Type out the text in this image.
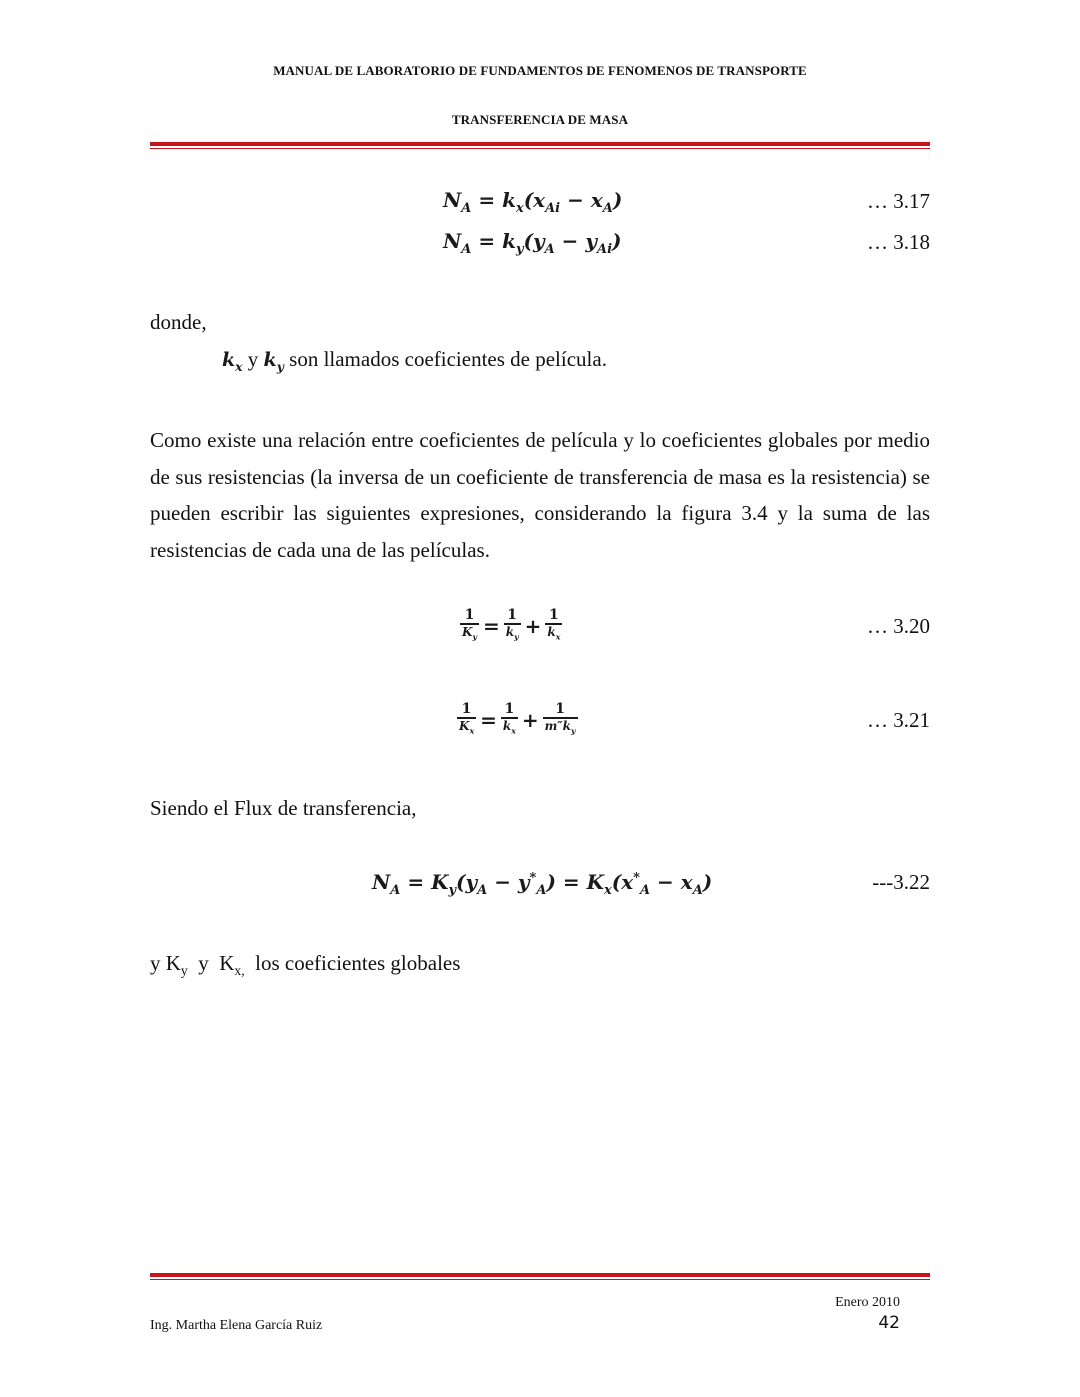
MANUAL DE LABORATORIO DE FUNDAMENTOS DE FENOMENOS DE TRANSPORTE
TRANSFERENCIA DE MASA
$N_A = k_x(x_{Ai} - x_A)$	… 3.17
$N_A = k_y(y_A - y_{Ai})$	… 3.18
donde,
$k_x$ y $k_y$ son llamados coeficientes de película.
Como existe una relación entre coeficientes de película y lo coeficientes globales por medio de sus resistencias (la inversa de un coeficiente de transferencia de masa es la resistencia) se pueden escribir las siguientes expresiones, considerando la figura 3.4 y la suma de las resistencias de cada una de las películas.
$\frac{1}{K_y} = \frac{1}{k_y} + \frac{1}{k_x}$	… 3.20
$\frac{1}{K_x} = \frac{1}{k_x} + \frac{1}{m''k_y}$	… 3.21
Siendo el Flux de transferencia,
$N_A = K_y(y_A - y^*_A) = K_x(x^*_A - x_A)$	---3.22
y $K_y$  y  $K_{x,}$ los coeficientes globales
Enero 2010
Ing. Martha Elena García Ruiz	42
